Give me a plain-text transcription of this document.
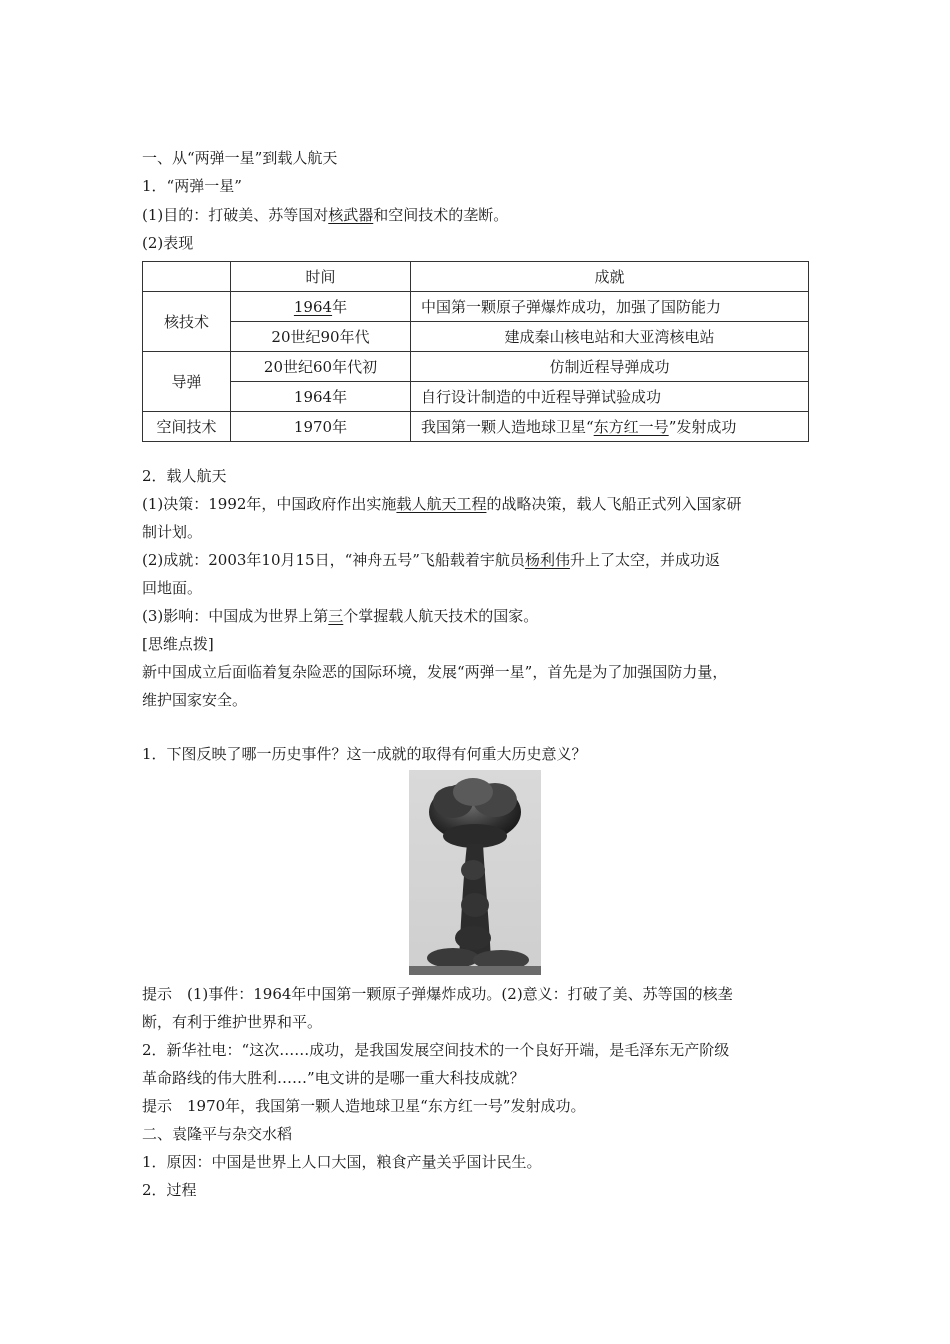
一、从“两弹一星”到载人航天
1．“两弹一星”
(1)目的：打破美、苏等国对核武器和空间技术的垄断。
(2)表现
	时间	成就
核技术	1964年	中国第一颗原子弹爆炸成功，加强了国防能力
	20世纪90年代	建成秦山核电站和大亚湾核电站
导弹	20世纪60年代初	仿制近程导弹成功
	1964年	自行设计制造的中近程导弹试验成功
空间技术	1970年	我国第一颗人造地球卫星“东方红一号”发射成功
2．载人航天
(1)决策：1992年，中国政府作出实施载人航天工程的战略决策，载人飞船正式列入国家研
制计划。
(2)成就：2003年10月15日，“神舟五号”飞船载着宇航员杨利伟升上了太空，并成功返
回地面。
(3)影响：中国成为世界上第三个掌握载人航天技术的国家。
[思维点拨]
新中国成立后面临着复杂险恶的国际环境，发展“两弹一星”，首先是为了加强国防力量，
维护国家安全。
1．下图反映了哪一历史事件？这一成就的取得有何重大历史意义？
提示　(1)事件：1964年中国第一颗原子弹爆炸成功。(2)意义：打破了美、苏等国的核垄
断，有利于维护世界和平。
2．新华社电：“这次……成功，是我国发展空间技术的一个良好开端，是毛泽东无产阶级
革命路线的伟大胜利……”电文讲的是哪一重大科技成就？
提示　1970年，我国第一颗人造地球卫星“东方红一号”发射成功。
二、袁隆平与杂交水稻
1．原因：中国是世界上人口大国，粮食产量关乎国计民生。
2．过程
